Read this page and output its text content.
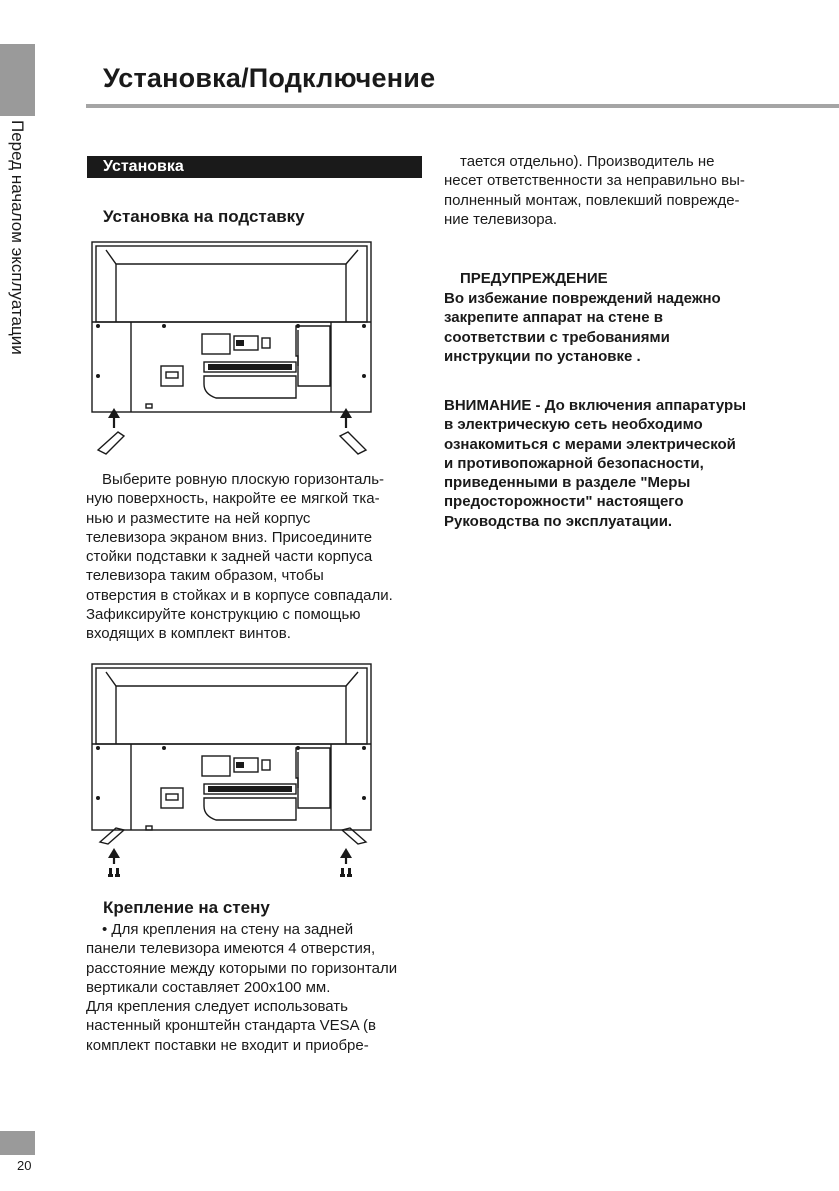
Перед началом эксплуатации
Установка/Подключение
Установка
Установка на подставку
Выберите ровную плоскую горизонталь-
ную поверхность, накройте ее мягкой тка-
нью и разместите на ней корпус
телевизора экраном вниз. Присоедините
стойки подставки к задней части корпуса
телевизора таким образом, чтобы
отверстия в стойках и в корпусе совпадали.
Зафиксируйте конструкцию с помощью
входящих в комплект винтов.
Крепление на стену
• Для крепления на стену на задней
панели телевизора имеются 4 отверстия,
расстояние между которыми по горизонтали
вертикали составляет 200x100 мм.
Для крепления следует использовать
настенный кронштейн стандарта VESA (в
комплект поставки не входит и приобре-
тается отдельно). Производитель не
несет ответственности за неправильно вы-
полненный монтаж, повлекший поврежде-
ние телевизора.
ПРЕДУПРЕЖДЕНИЕ
Во избежание повреждений надежно
закрепите аппарат на стене в
соответствии с требованиями
инструкции по установке .
ВНИМАНИЕ - До включения аппаратуры
в электрическую сеть необходимо
ознакомиться с мерами электрической
и противопожарной безопасности,
приведенными в разделе "Меры
предосторожности" настоящего
Руководства по эксплуатации.
20
